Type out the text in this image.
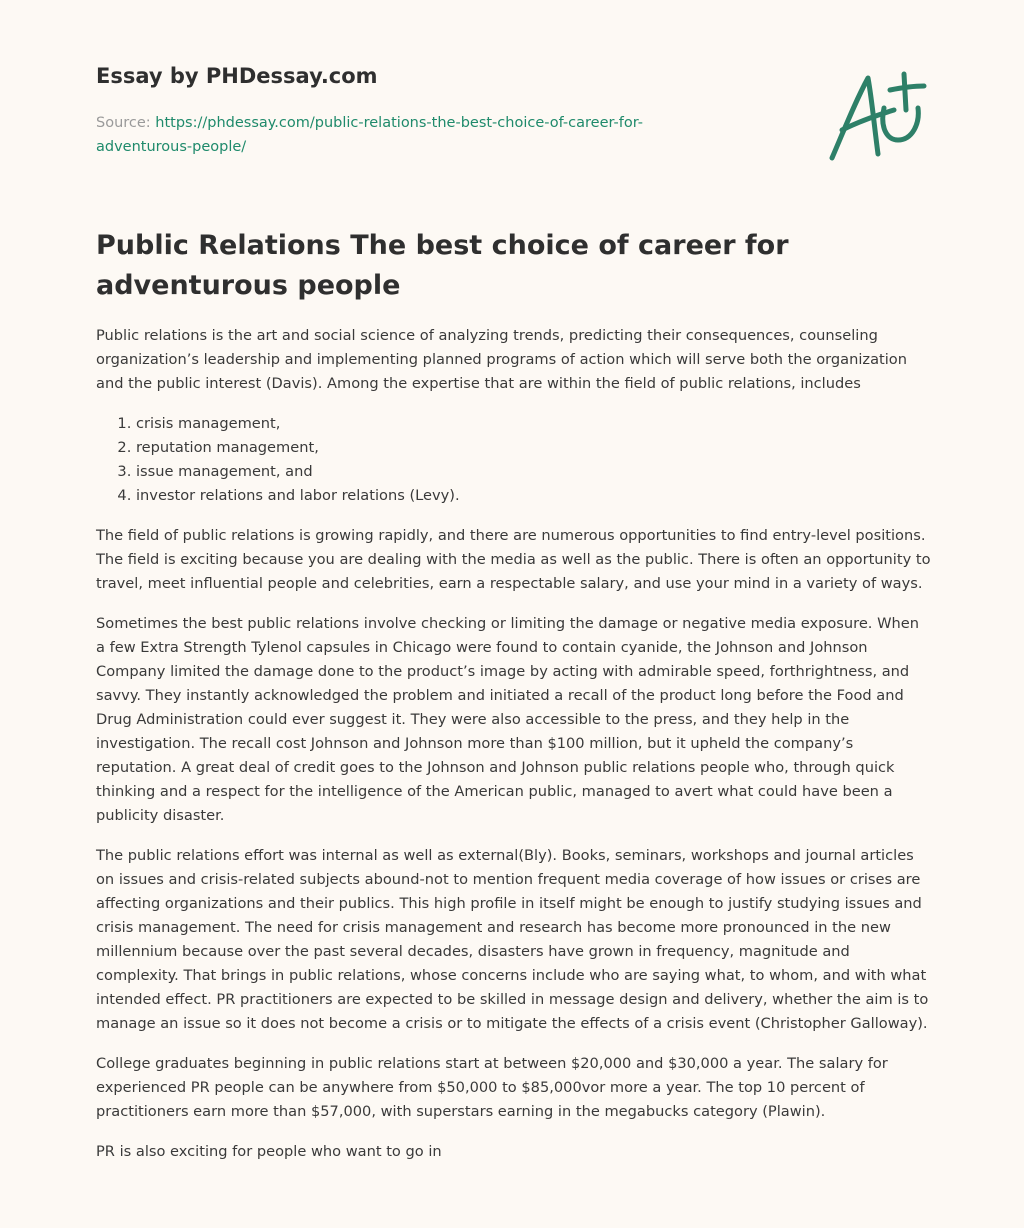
Essay by PHDessay.com
Source: https://phdessay.com/public-relations-the-best-choice-of-career-for-adventurous-people/
Public Relations The best choice of career for adventurous people

Public relations is the art and social science of analyzing trends, predicting their consequences, counseling organization’s leadership and implementing planned programs of action which will serve both the organization and the public interest (Davis). Among the expertise that are within the field of public relations, includes

1. crisis management,
2. reputation management,
3. issue management, and
4. investor relations and labor relations (Levy).

The field of public relations is growing rapidly, and there are numerous opportunities to find entry-level positions. The field is exciting because you are dealing with the media as well as the public. There is often an opportunity to travel, meet influential people and celebrities, earn a respectable salary, and use your mind in a variety of ways.

Sometimes the best public relations involve checking or limiting the damage or negative media exposure. When a few Extra Strength Tylenol capsules in Chicago were found to contain cyanide, the Johnson and Johnson Company limited the damage done to the product’s image by acting with admirable speed, forthrightness, and savvy. They instantly acknowledged the problem and initiated a recall of the product long before the Food and Drug Administration could ever suggest it. They were also accessible to the press, and they help in the investigation. The recall cost Johnson and Johnson more than $100 million, but it upheld the company’s reputation. A great deal of credit goes to the Johnson and Johnson public relations people who, through quick thinking and a respect for the intelligence of the American public, managed to avert what could have been a publicity disaster.

The public relations effort was internal as well as external(Bly). Books, seminars, workshops and journal articles on issues and crisis-related subjects abound-not to mention frequent media coverage of how issues or crises are affecting organizations and their publics. This high profile in itself might be enough to justify studying issues and crisis management. The need for crisis management and research has become more pronounced in the new millennium because over the past several decades, disasters have grown in frequency, magnitude and complexity. That brings in public relations, whose concerns include who are saying what, to whom, and with what intended effect. PR practitioners are expected to be skilled in message design and delivery, whether the aim is to manage an issue so it does not become a crisis or to mitigate the effects of a crisis event (Christopher Galloway).

College graduates beginning in public relations start at between $20,000 and $30,000 a year. The salary for experienced PR people can be anywhere from $50,000 to $85,000vor more a year. The top 10 percent of practitioners earn more than $57,000, with superstars earning in the megabucks category (Plawin).

PR is also exciting for people who want to go in
